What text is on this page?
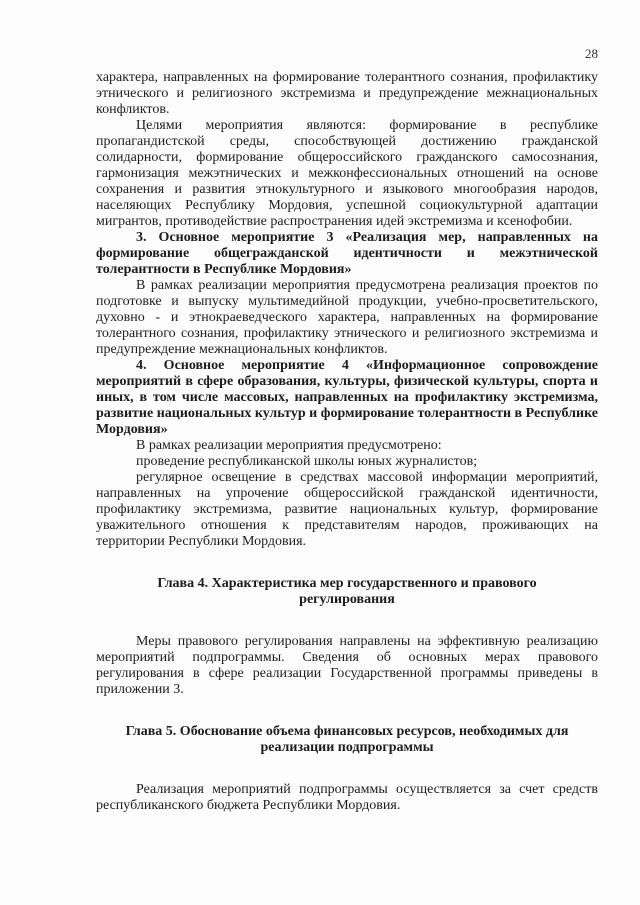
28

характера, направленных на формирование толерантного сознания, профилактику этнического и религиозного экстремизма и предупреждение межнациональных конфликтов.

Целями мероприятия являются: формирование в республике пропагандистской среды, способствующей достижению гражданской солидарности, формирование общероссийского гражданского самосознания, гармонизация межэтнических и межконфессиональных отношений на основе сохранения и развития этнокультурного и языкового многообразия народов, населяющих Республику Мордовия, успешной социокультурной адаптации мигрантов, противодействие распространения идей экстремизма и ксенофобии.

3. Основное мероприятие 3 «Реализация мер, направленных на формирование общегражданской идентичности и межэтнической толерантности в Республике Мордовия»

В рамках реализации мероприятия предусмотрена реализация проектов по подготовке и выпуску мультимедийной продукции, учебно-просветительского, духовно - и этнокраеведческого характера, направленных на формирование толерантного сознания, профилактику этнического и религиозного экстремизма и предупреждение межнациональных конфликтов.

4. Основное мероприятие 4 «Информационное сопровождение мероприятий в сфере образования, культуры, физической культуры, спорта и иных, в том числе массовых, направленных на профилактику экстремизма, развитие национальных культур и формирование толерантности в Республике Мордовия»

В рамках реализации мероприятия предусмотрено:

проведение республиканской школы юных журналистов;

регулярное освещение в средствах массовой информации мероприятий, направленных на упрочение общероссийской гражданской идентичности, профилактику экстремизма, развитие национальных культур, формирование уважительного отношения к представителям народов, проживающих на территории Республики Мордовия.

Глава 4. Характеристика мер государственного и правового регулирования

Меры правового регулирования направлены на эффективную реализацию мероприятий подпрограммы. Сведения об основных мерах правового регулирования в сфере реализации Государственной программы приведены в приложении 3.

Глава 5. Обоснование объема финансовых ресурсов, необходимых для реализации подпрограммы

Реализация мероприятий подпрограммы осуществляется за счет средств республиканского бюджета Республики Мордовия.
